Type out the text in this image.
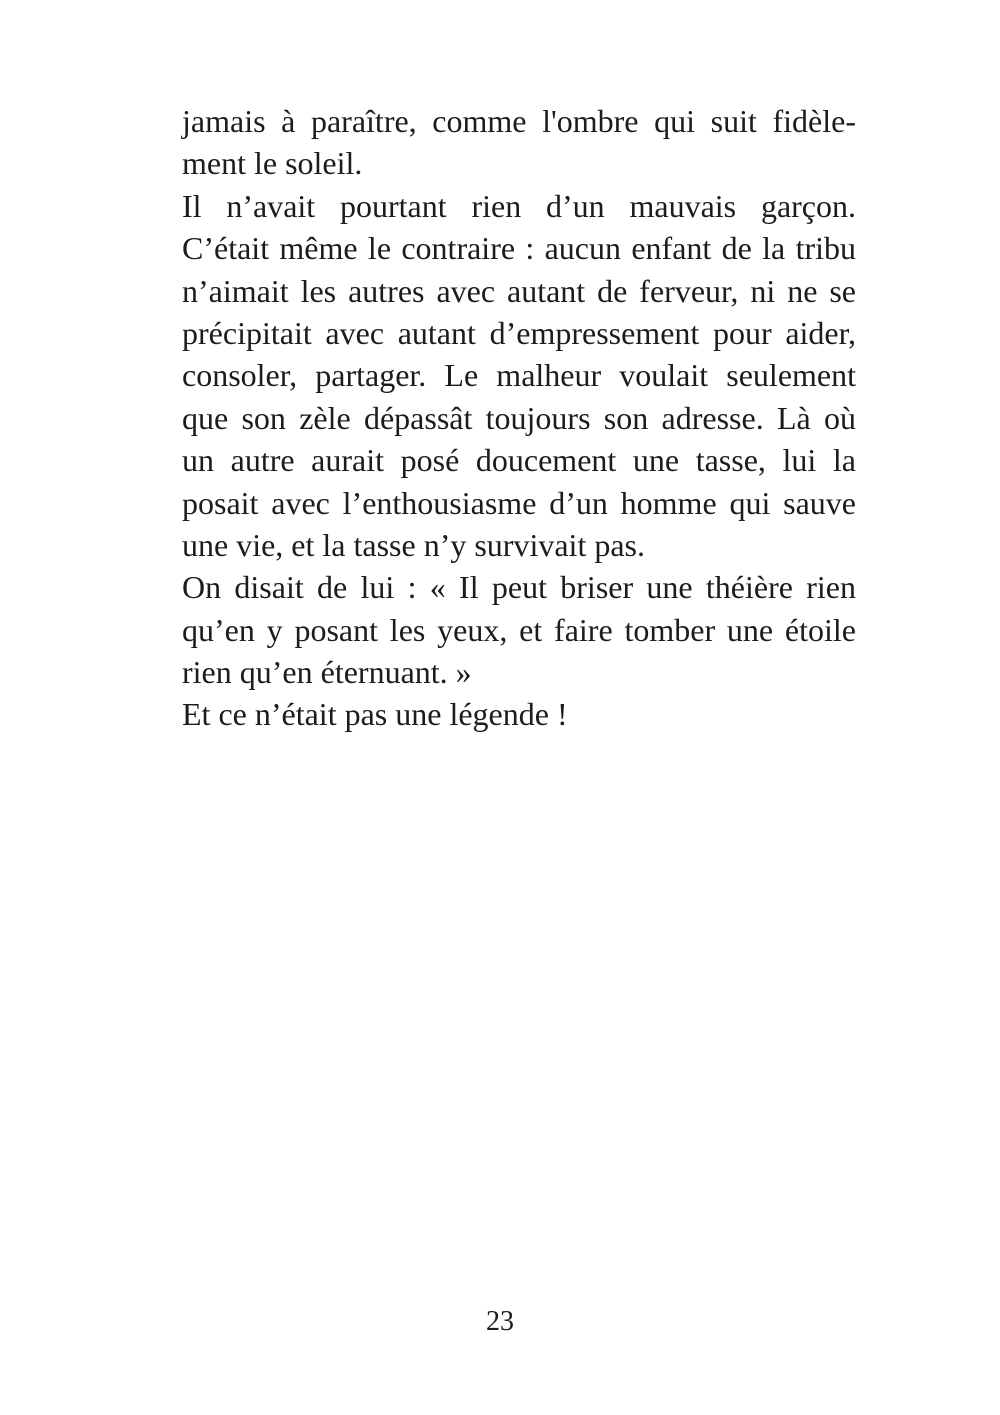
jamais à paraître, comme l'ombre qui suit fidèle-
ment le soleil.
Il n’avait pourtant rien d’un mauvais garçon.
C’était même le contraire : aucun enfant de la tribu
n’aimait les autres avec autant de ferveur, ni ne se
précipitait avec autant d’empressement pour aider,
consoler, partager. Le malheur voulait seulement
que son zèle dépassât toujours son adresse. Là où
un autre aurait posé doucement une tasse, lui la
posait avec l’enthousiasme d’un homme qui sauve
une vie, et la tasse n’y survivait pas.
On disait de lui : « Il peut briser une théière rien
qu’en y posant les yeux, et faire tomber une étoile
rien qu’en éternuant. »
Et ce n’était pas une légende !
23
